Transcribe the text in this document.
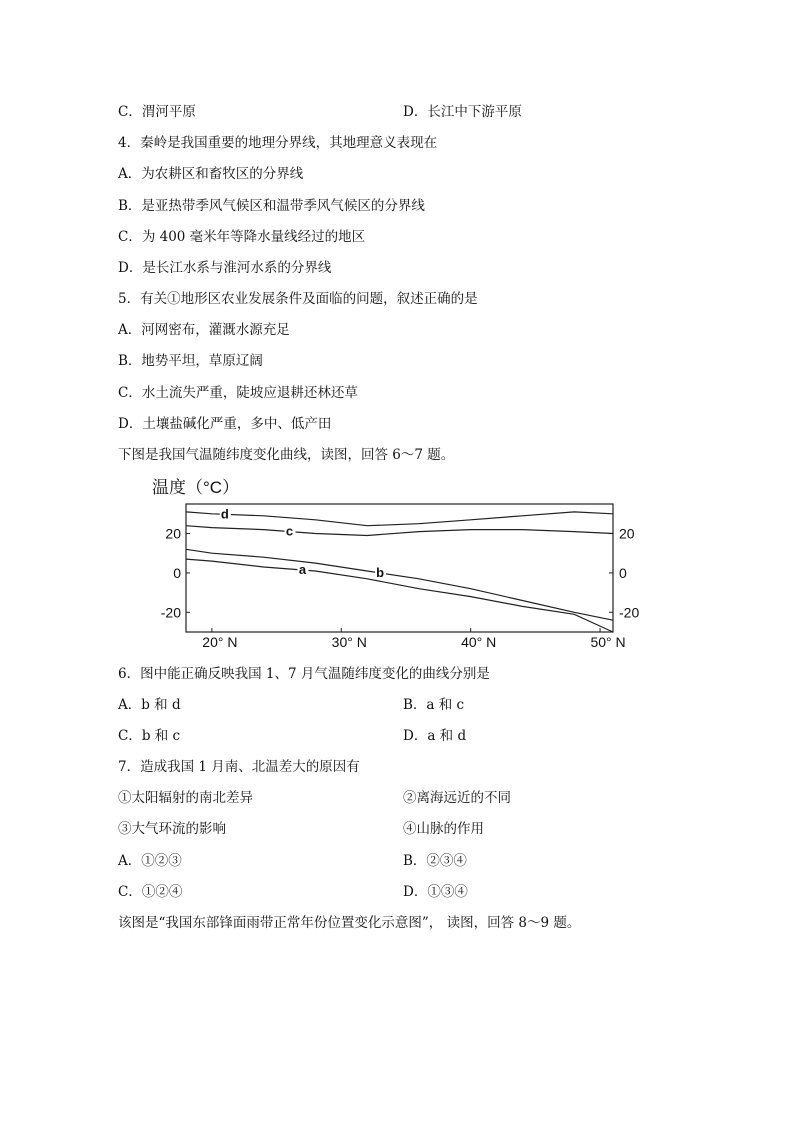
C．渭河平原	D．长江中下游平原
4．秦岭是我国重要的地理分界线，其地理意义表现在
A．为农耕区和畜牧区的分界线
B．是亚热带季风气候区和温带季风气候区的分界线
C．为 400 毫米年等降水量线经过的地区
D．是长江水系与淮河水系的分界线
5．有关①地形区农业发展条件及面临的问题，叙述正确的是
A．河网密布，灌溉水源充足
B．地势平坦，草原辽阔
C．水土流失严重，陡坡应退耕还林还草
D．土壤盐碱化严重，多中、低产田
下图是我国气温随纬度变化曲线，读图，回答 6～7 题。
温度（°C）
a	b
c
d
20	20
0	0
-20	-20
20° N	30° N	40° N	50° N
6．图中能正确反映我国 1、7 月气温随纬度变化的曲线分别是
A．b 和 d	B．a 和 c
C．b 和 c	D．a 和 d
7．造成我国 1 月南、北温差大的原因有
①太阳辐射的南北差异	②离海远近的不同
③大气环流的影响	④山脉的作用
A．①②③	B．②③④
C．①②④	D．①③④
该图是“我国东部锋面雨带正常年份位置变化示意图”， 读图，回答 8～9 题。
